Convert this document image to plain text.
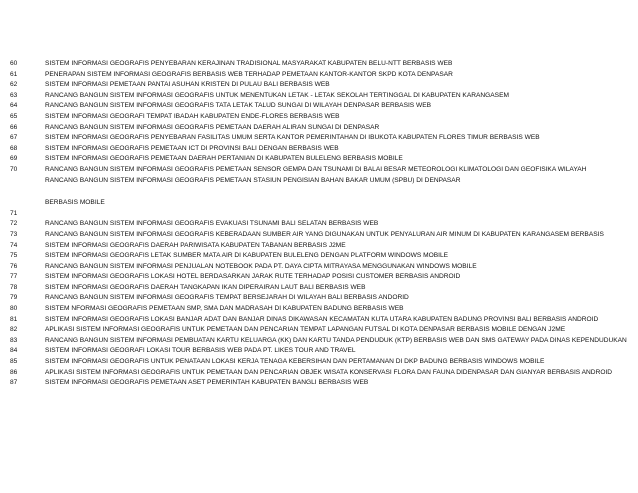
60	SISTEM INFORMASI GEOGRAFIS PENYEBARAN KERAJINAN TRADISIONAL MASYARAKAT KABUPATEN BELU-NTT BERBASIS WEB
61	PENERAPAN SISTEM INFORMASI GEOGRAFIS BERBASIS WEB TERHADAP PEMETAAN KANTOR-KANTOR SKPD KOTA DENPASAR
62	SISTEM INFORMASI PEMETAAN PANTAI ASUHAN KRISTEN DI PULAU BALI BERBASIS WEB
63	RANCANG BANGUN SISTEM INFORMASI GEOGRAFIS UNTUK MENENTUKAN LETAK - LETAK SEKOLAH TERTINGGAL DI KABUPATEN KARANGASEM
64	RANCANG BANGUN SISTEM INFORMASI GEOGRAFIS TATA LETAK TALUD SUNGAI DI WILAYAH DENPASAR BERBASIS WEB
65	SISTEM INFORMASI GEOGRAFI TEMPAT IBADAH KABUPATEN ENDE-FLORES BERBASIS WEB
66	RANCANG BANGUN SISTEM INFORMASI GEOGRAFIS PEMETAAN DAERAH ALIRAN SUNGAI DI DENPASAR
67	SISTEM INFORMASI GEOGRAFIS PENYEBARAN FASILITAS UMUM SERTA KANTOR PEMERINTAHAN DI IBUKOTA KABUPATEN FLORES TIMUR BERBASIS WEB
68	SISTEM INFORMASI GEOGRAFIS PEMETAAN ICT DI PROVINSI BALI DENGAN BERBASIS WEB
69	SISTEM INFORMASI GEOGRAFIS PEMETAAN DAERAH PERTANIAN DI KABUPATEN BULELENG BERBASIS MOBILE
70	RANCANG BANGUN SISTEM INFORMASI GEOGRAFIS PEMETAAN SENSOR GEMPA DAN TSUNAMI DI BALAI BESAR METEOROLOGI KLIMATOLOGI DAN GEOFISIKA WILAYAH
RANCANG BANGUN SISTEM INFORMASI GEOGRAFIS PEMETAAN STASIUN PENGISIAN BAHAN BAKAR UMUM (SPBU) DI DENPASAR
BERBASIS MOBILE
71
72	RANCANG BANGUN SISTEM INFORMASI GEOGRAFIS EVAKUASI TSUNAMI BALI SELATAN BERBASIS WEB
73	RANCANG BANGUN SISTEM INFORMASI GEOGRAFIS KEBERADAAN SUMBER AIR YANG DIGUNAKAN UNTUK PENYALURAN AIR MINUM DI KABUPATEN KARANGASEM BERBASIS
74	SISTEM INFORMASI GEOGRAFIS DAERAH PARIWISATA KABUPATEN TABANAN BERBASIS J2ME
75	SISTEM INFORMASI GEOGRAFIS LETAK SUMBER MATA AIR DI KABUPATEN BULELENG DENGAN PLATFORM WINDOWS MOBILE
76	RANCANG BANGUN SISTEM INFORMASI PENJUALAN NOTEBOOK PADA PT. DAYA CIPTA MITRAYASA MENGGUNAKAN WINDOWS MOBILE
77	SISTEM INFORMASI GEOGRAFIS LOKASI HOTEL BERDASARKAN JARAK RUTE TERHADAP POSISI CUSTOMER BERBASIS ANDROID
78	SISTEM INFORMASI GEOGRAFIS DAERAH TANGKAPAN IKAN DIPERAIRAN LAUT BALI BERBASIS WEB
79	RANCANG BANGUN SISTEM INFORMASI GEOGRAFIS TEMPAT BERSEJARAH DI WILAYAH BALI BERBASIS ANDORID
80	SISTEM NFORMASI GEOGRAFIS PEMETAAN SMP, SMA DAN MADRASAH DI KABUPATEN BADUNG BERBASIS WEB
81	SISTEM INFORMASI GEOGRAFIS LOKASI BANJAR ADAT DAN BANJAR DINAS DIKAWASAN KECAMATAN KUTA UTARA KABUPATEN BADUNG PROVINSI BALI BERBASIS ANDROID
82	APLIKASI SISTEM INFORMASI GEOGRAFIS UNTUK PEMETAAN DAN PENCARIAN TEMPAT LAPANGAN FUTSAL DI KOTA DENPASAR BERBASIS MOBILE DENGAN J2ME
83	RANCANG BANGUN SISTEM INFORMASI PEMBUATAN KARTU KELUARGA (KK) DAN KARTU TANDA PENDUDUK (KTP) BERBASIS WEB DAN SMS GATEWAY PADA DINAS KEPENDUDUKAN
84	SISTEM INFORMASI GEOGRAFI LOKASI TOUR BERBASIS WEB PADA PT. LIKES TOUR AND TRAVEL
85	SISTEM INFORMASI GEOGRAFIS UNTUK PENATAAN LOKASI KERJA TENAGA KEBERSIHAN DAN PERTAMANAN DI DKP BADUNG BERBASIS WINDOWS MOBILE
86	APLIKASI SISTEM INFORMASI GEOGRAFIS UNTUK PEMETAAN DAN PENCARIAN OBJEK WISATA KONSERVASI FLORA DAN FAUNA DIDENPASAR DAN GIANYAR BERBASIS ANDROID
87	SISTEM INFORMASI GEOGRAFIS PEMETAAN ASET PEMERINTAH KABUPATEN BANGLI BERBASIS WEB
